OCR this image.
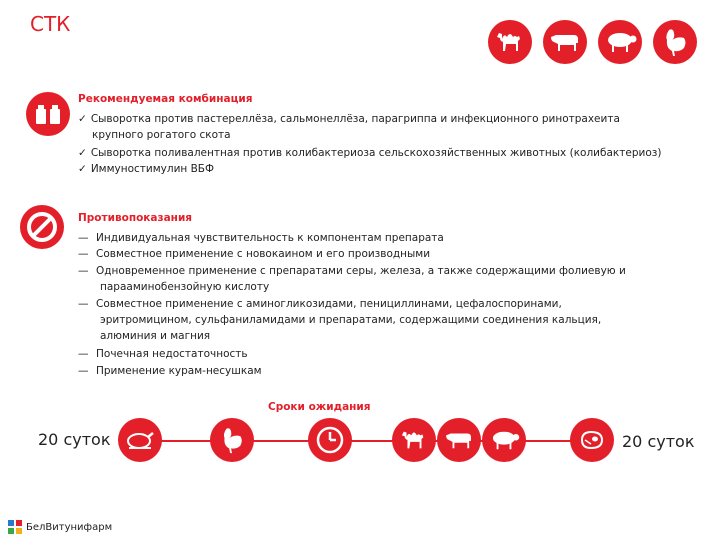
СТК
Рекомендуемая комбинация
✓ Сыворотка против пастереллёза, сальмонеллёза, парагриппа и инфекционного ринотрахеита
крупного рогатого скота
✓ Сыворотка поливалентная против колибактериоза сельскохозяйственных животных (колибактериоз)
✓ Иммуностимулин ВБФ
Противопоказания
— Индивидуальная чувствительность к компонентам препарата
— Совместное применение с новокаином и его производными
— Одновременное применение с препаратами серы, железа, а также содержащими фолиевую и
парааминобензойную кислоту
— Совместное применение с аминогликозидами, пенициллинами, цефалоспоринами,
эритромицином, сульфаниламидами и препаратами, содержащими соединения кальция,
алюминия и магния
— Почечная недостаточность
— Применение курам-несушкам
Сроки ожидания
20 суток	20 суток
БелВитунифарм
